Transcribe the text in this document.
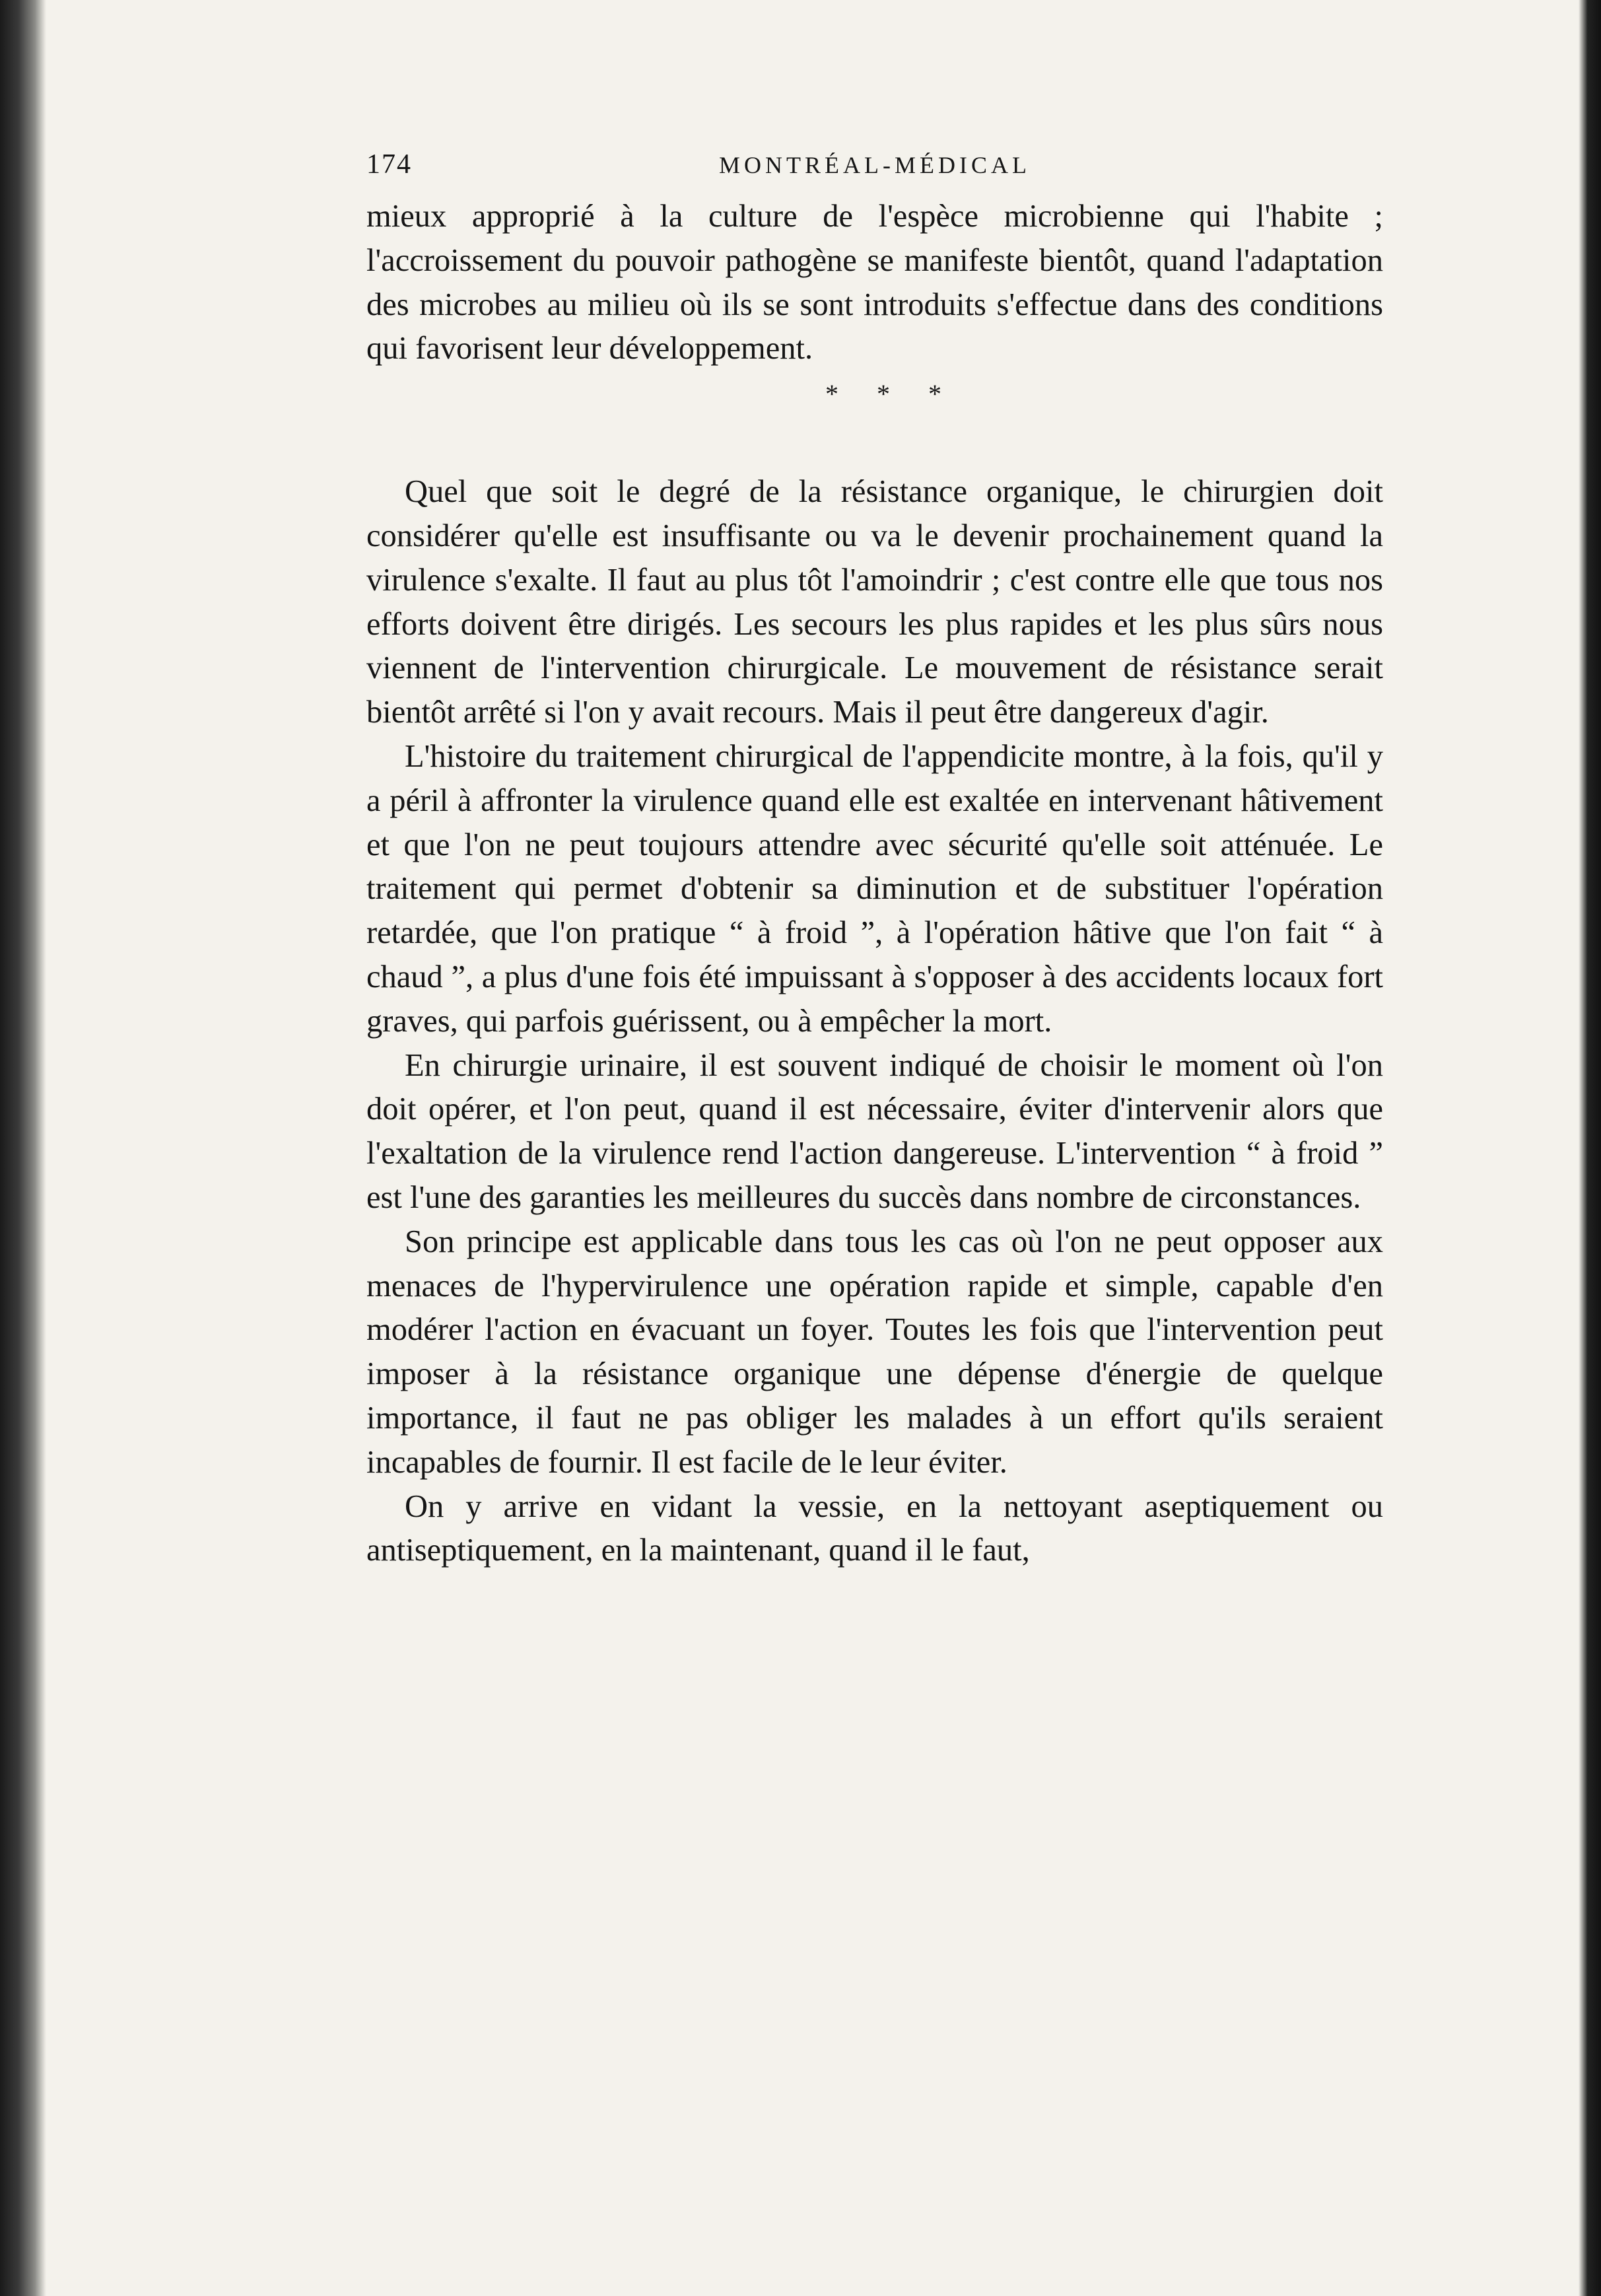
174	MONTRÉAL-MÉDICAL

mieux approprié à la culture de l'espèce microbienne qui l'habite ; l'accroissement du pouvoir pathogène se manifeste bientôt, quand l'adaptation des microbes au milieu où ils se sont introduits s'effectue dans des conditions qui favorisent leur développement.

* * *

Quel que soit le degré de la résistance organique, le chirurgien doit considérer qu'elle est insuffisante ou va le devenir prochainement quand la virulence s'exalte. Il faut au plus tôt l'amoindrir ; c'est contre elle que tous nos efforts doivent être dirigés. Les secours les plus rapides et les plus sûrs nous viennent de l'intervention chirurgicale. Le mouvement de résistance serait bientôt arrêté si l'on y avait recours. Mais il peut être dangereux d'agir.

L'histoire du traitement chirurgical de l'appendicite montre, à la fois, qu'il y a péril à affronter la virulence quand elle est exaltée en intervenant hâtivement et que l'on ne peut toujours attendre avec sécurité qu'elle soit atténuée. Le traitement qui permet d'obtenir sa diminution et de substituer l'opération retardée, que l'on pratique “ à froid ”, à l'opération hâtive que l'on fait “ à chaud ”, a plus d'une fois été impuissant à s'opposer à des accidents locaux fort graves, qui parfois guérissent, ou à empêcher la mort.

En chirurgie urinaire, il est souvent indiqué de choisir le moment où l'on doit opérer, et l'on peut, quand il est nécessaire, éviter d'intervenir alors que l'exaltation de la virulence rend l'action dangereuse. L'intervention “ à froid ” est l'une des garanties les meilleures du succès dans nombre de circonstances.

Son principe est applicable dans tous les cas où l'on ne peut opposer aux menaces de l'hypervirulence une opération rapide et simple, capable d'en modérer l'action en évacuant un foyer. Toutes les fois que l'intervention peut imposer à la résistance organique une dépense d'énergie de quelque importance, il faut ne pas obliger les malades à un effort qu'ils seraient incapables de fournir. Il est facile de le leur éviter.

On y arrive en vidant la vessie, en la nettoyant aseptiquement ou antiseptiquement, en la maintenant, quand il le faut,
